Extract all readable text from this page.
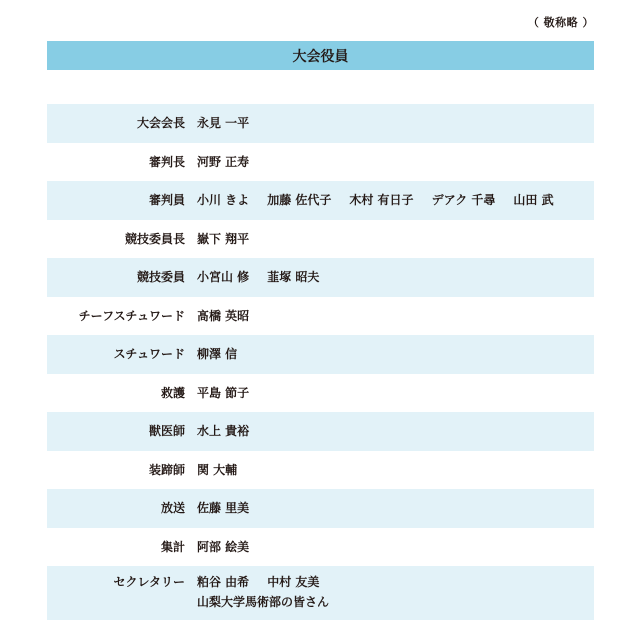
（ 敬称略 ）
大会役員
大会会長	永見 一平
審判長	河野 正寿
審判員	小川 きよ 加藤 佐代子 木村 有日子 デアク 千尋 山田 武
競技委員長	嶽下 翔平
競技委員	小宮山 修 韮塚 昭夫
チーフスチュワード	髙橋 英昭
スチュワード	柳澤 信
救護	平島 節子
獣医師	水上 貴裕
装蹄師	関 大輔
放送	佐藤 里美
集計	阿部 絵美
セクレタリー	粕谷 由希 中村 友美
山梨大学馬術部の皆さん
